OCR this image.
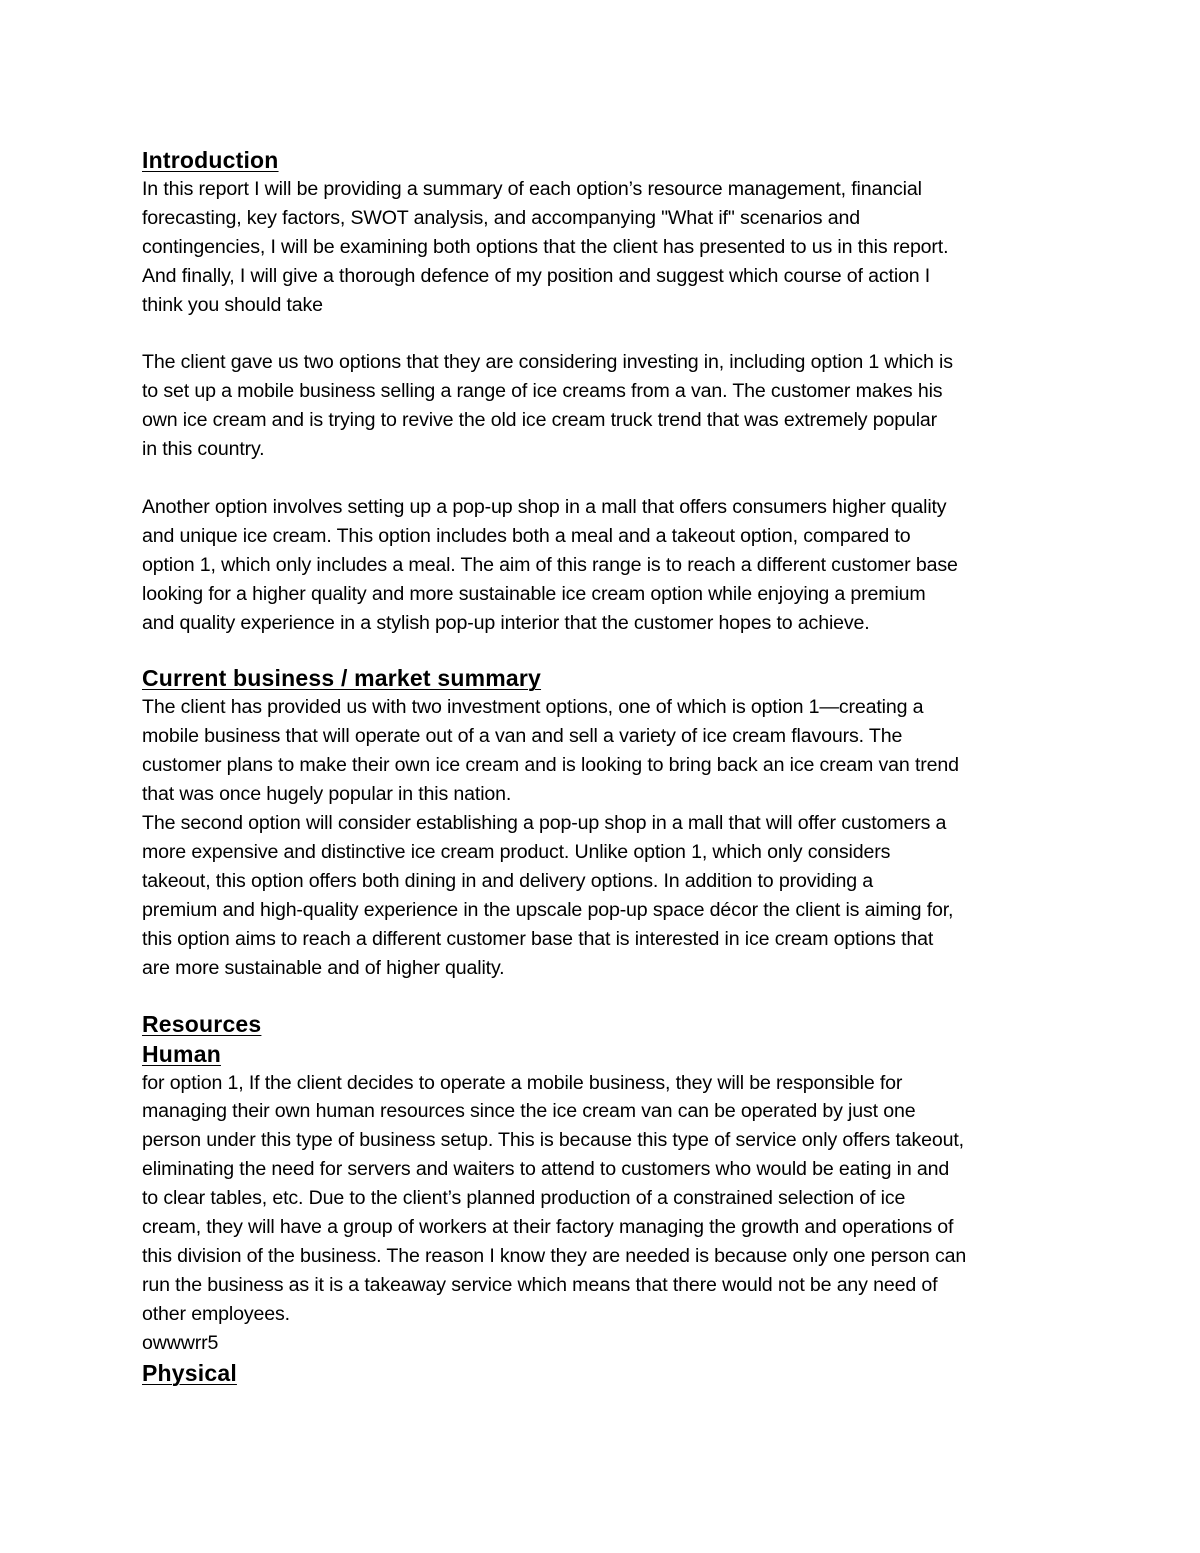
Introduction

In this report I will be providing a summary of each option’s resource management, financial
forecasting, key factors, SWOT analysis, and accompanying "What if" scenarios and
contingencies, I will be examining both options that the client has presented to us in this report.
And finally, I will give a thorough defence of my position and suggest which course of action I
think you should take

The client gave us two options that they are considering investing in, including option 1 which is
to set up a mobile business selling a range of ice creams from a van. The customer makes his
own ice cream and is trying to revive the old ice cream truck trend that was extremely popular
in this country.

Another option involves setting up a pop-up shop in a mall that offers consumers higher quality
and unique ice cream. This option includes both a meal and a takeout option, compared to
option 1, which only includes a meal. The aim of this range is to reach a different customer base
looking for a higher quality and more sustainable ice cream option while enjoying a premium
and quality experience in a stylish pop-up interior that the customer hopes to achieve.

Current business / market summary

The client has provided us with two investment options, one of which is option 1—creating a
mobile business that will operate out of a van and sell a variety of ice cream flavours. The
customer plans to make their own ice cream and is looking to bring back an ice cream van trend
that was once hugely popular in this nation.

The second option will consider establishing a pop-up shop in a mall that will offer customers a
more expensive and distinctive ice cream product. Unlike option 1, which only considers
takeout, this option offers both dining in and delivery options. In addition to providing a
premium and high-quality experience in the upscale pop-up space décor the client is aiming for,
this option aims to reach a different customer base that is interested in ice cream options that
are more sustainable and of higher quality.

Resources
Human

for option 1, If the client decides to operate a mobile business, they will be responsible for
managing their own human resources since the ice cream van can be operated by just one
person under this type of business setup. This is because this type of service only offers takeout,
eliminating the need for servers and waiters to attend to customers who would be eating in and
to clear tables, etc. Due to the client’s planned production of a constrained selection of ice
cream, they will have a group of workers at their factory managing the growth and operations of
this division of the business. The reason I know they are needed is because only one person can
run the business as it is a takeaway service which means that there would not be any need of
other employees.
owwwrr5

Physical
